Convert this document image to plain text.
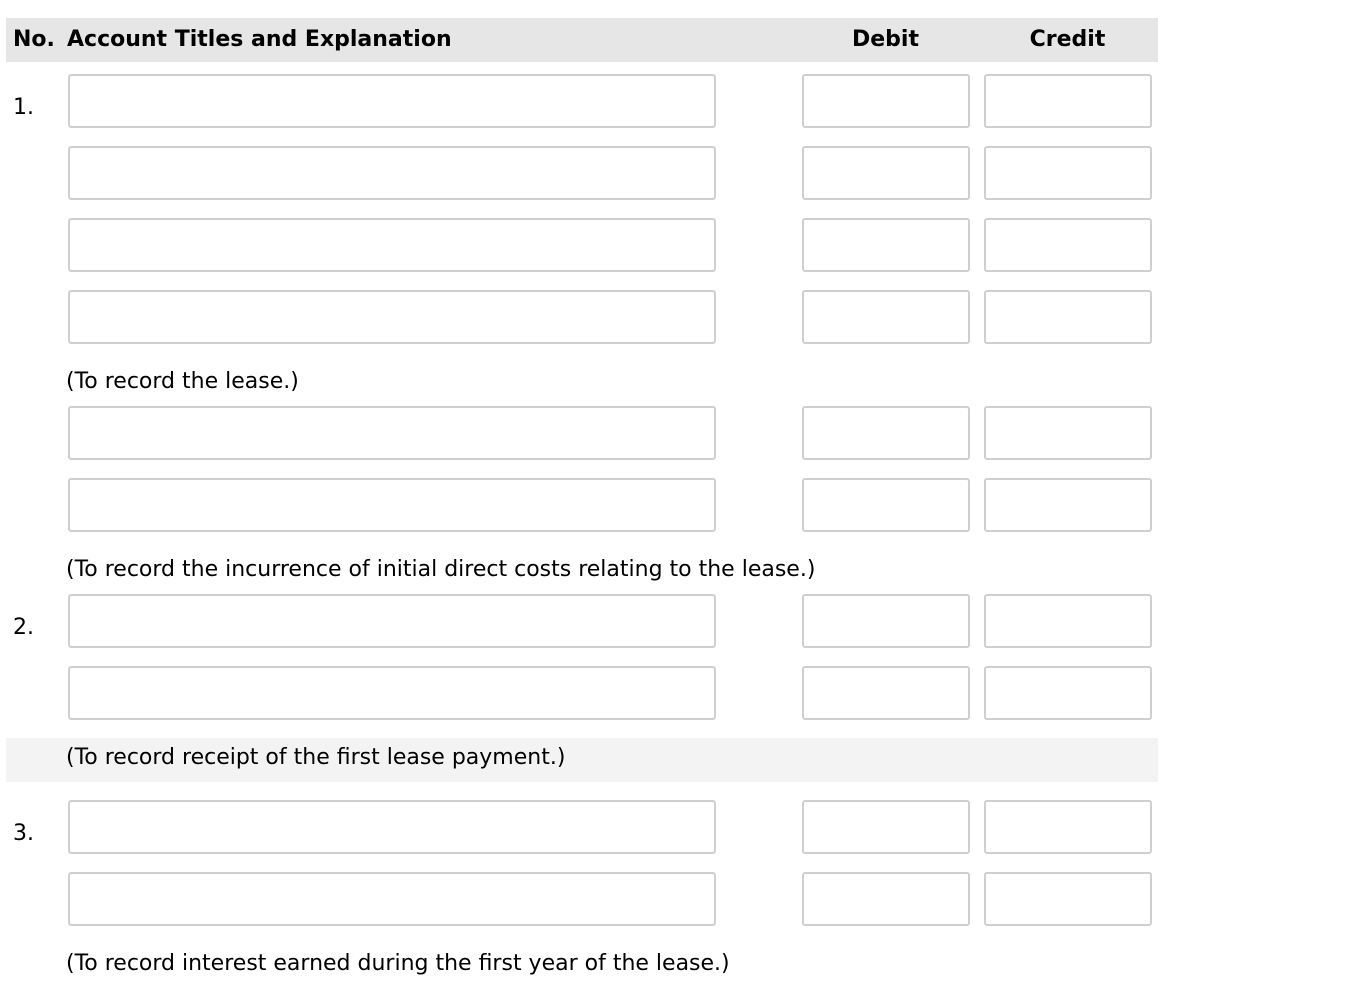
No. Account Titles and Explanation	Debit	Credit
1.
(To record the lease.)
(To record the incurrence of initial direct costs relating to the lease.)
2.
(To record receipt of the first lease payment.)
3.
(To record interest earned during the first year of the lease.)
